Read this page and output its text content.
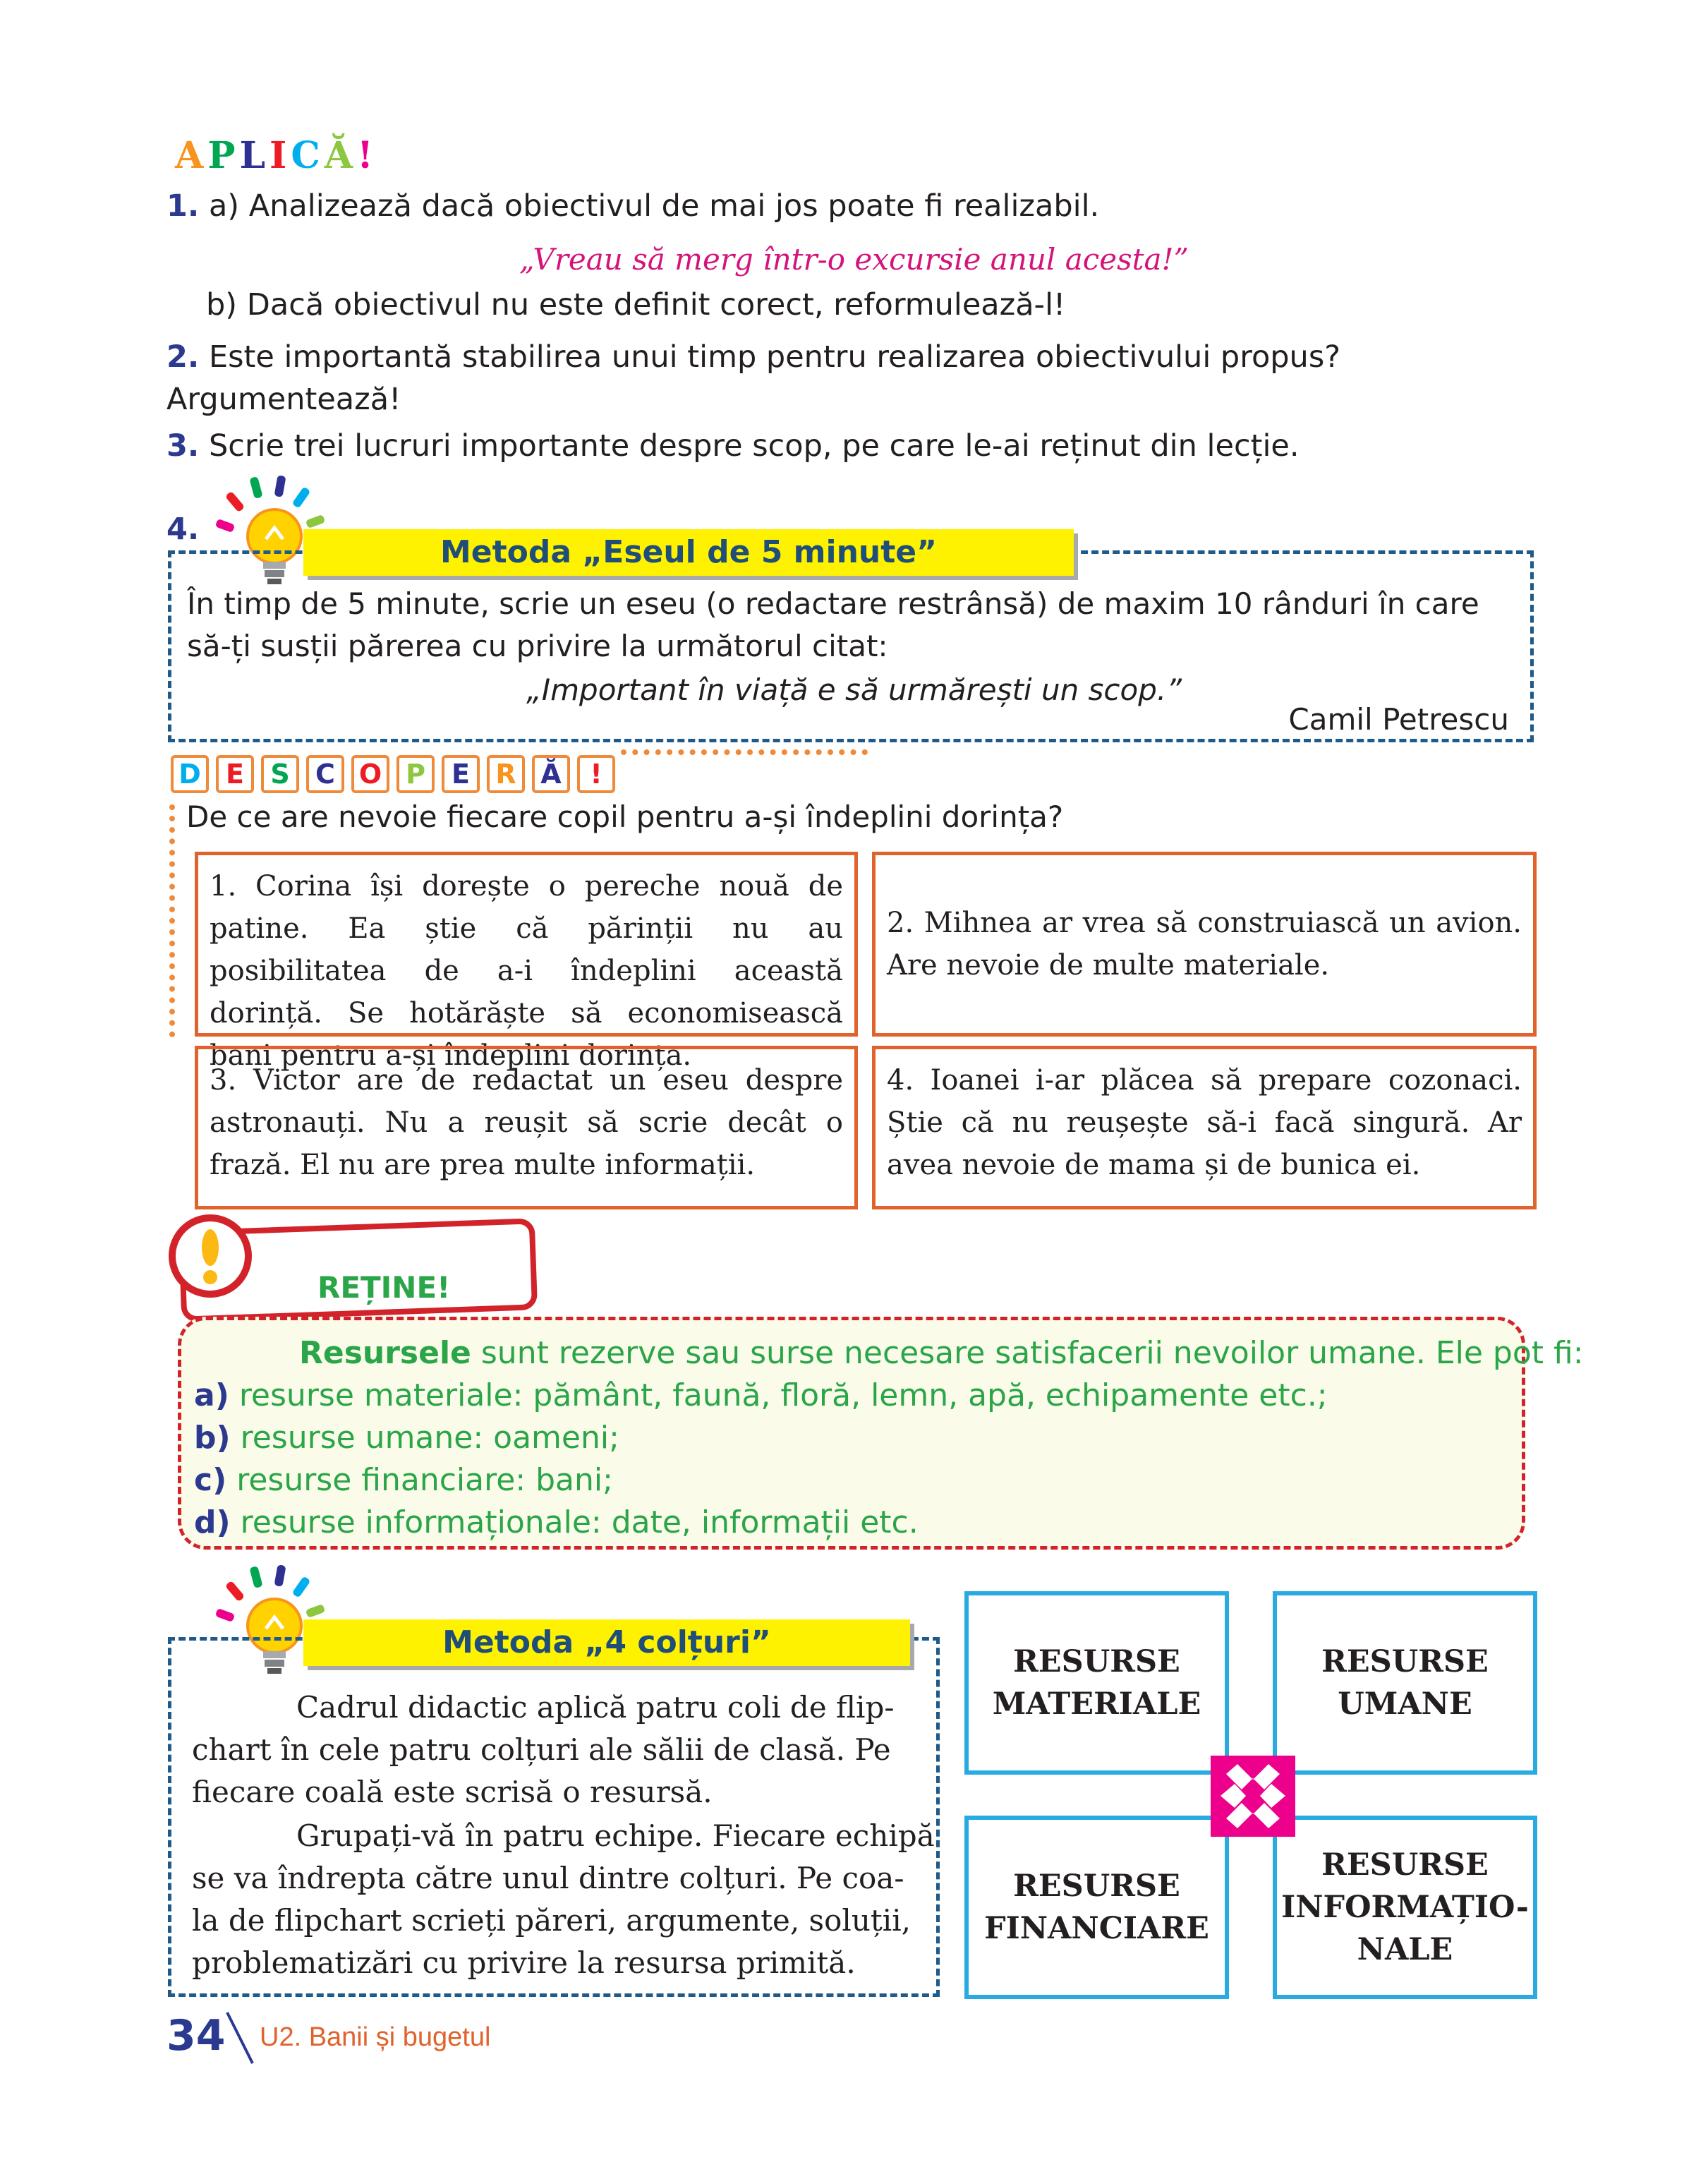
APLICĂ!
1. a) Analizează dacă obiectivul de mai jos poate fi realizabil.
„Vreau să merg într-o excursie anul acesta!”
b) Dacă obiectivul nu este definit corect, reformulează-l!
2. Este importantă stabilirea unui timp pentru realizarea obiectivului propus?
Argumentează!
3. Scrie trei lucruri importante despre scop, pe care le-ai reținut din lecție.
4.
Metoda „Eseul de 5 minute”
În timp de 5 minute, scrie un eseu (o redactare restrânsă) de maxim 10 rânduri în care
să-ți susții părerea cu privire la următorul citat:
„Important în viață e să urmărești un scop.”
Camil Petrescu
D E S C O P E R Ă	!
De ce are nevoie fiecare copil pentru a-și îndeplini dorința?
1. Corina își dorește o pereche nouă de patine. Ea știe că părinții nu au posibilitatea de a-i îndeplini această dorință. Se hotărăște să economisească bani pentru a-și îndeplini dorința.
2. Mihnea ar vrea să construiască un avion. Are nevoie de multe materiale.
3. Victor are de redactat un eseu despre astronauți. Nu a reușit să scrie decât o frază. El nu are prea multe informații.
4. Ioanei i-ar plăcea să prepare cozonaci. Știe că nu reușește să-i facă singură. Ar avea nevoie de mama și de bunica ei.
REȚINE!
Resursele sunt rezerve sau surse necesare satisfacerii nevoilor umane. Ele pot fi:
a) resurse materiale: pământ, faună, floră, lemn, apă, echipamente etc.;
b) resurse umane: oameni;
c) resurse financiare: bani;
d) resurse informaționale: date, informații etc.
Metoda „4 colțuri”
Cadrul didactic aplică patru coli de flip-
chart în cele patru colțuri ale sălii de clasă. Pe
fiecare coală este scrisă o resursă.
Grupați-vă în patru echipe. Fiecare echipă
se va îndrepta către unul dintre colțuri. Pe coa-
la de flipchart scrieți păreri, argumente, soluții,
problematizări cu privire la resursa primită.
RESURSE
MATERIALE
RESURSE
UMANE
RESURSE
FINANCIARE
RESURSE
INFORMAȚIO-
NALE
34 U2. Banii și bugetul
